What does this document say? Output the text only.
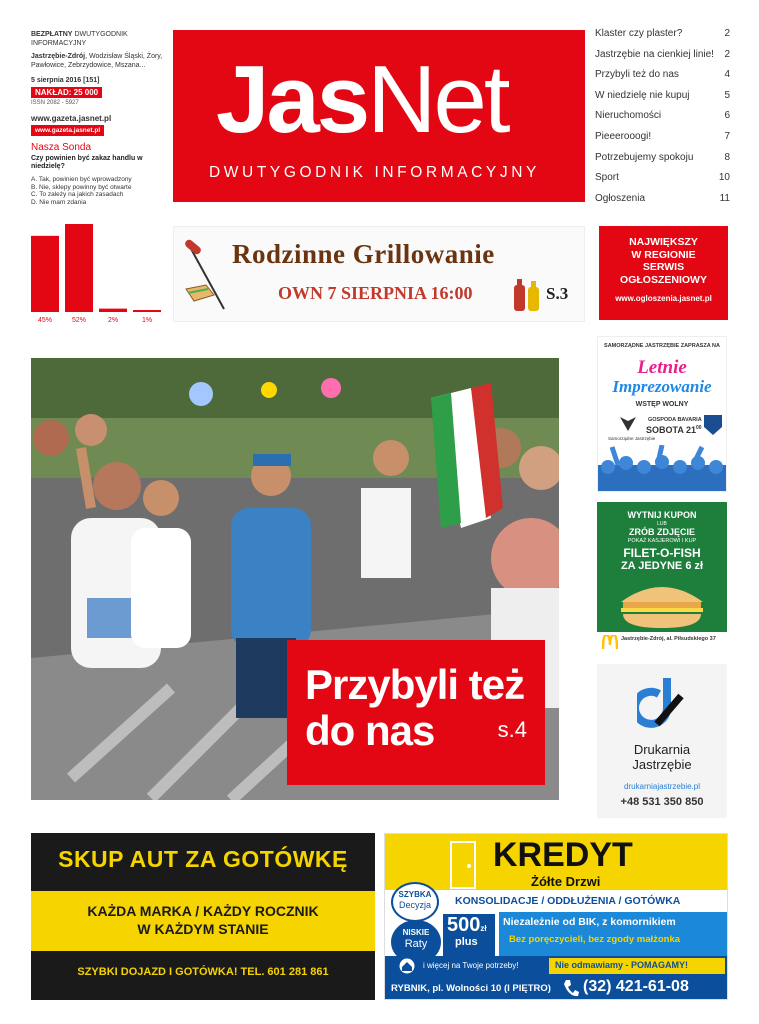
BEZPŁATNY DWUTYGODNIK INFORMACYJNY
Jastrzębie-Zdrój, Wodzisław Śląski, Żory, Pawłowice, Zebrzydowice, Mszana...
5 sierpnia 2016 [151]
NAKŁAD: 25 000
ISSN 2082 - 5927
www.gazeta.jasnet.pl
www.gazeta.jasnet.pl
Nasza Sonda
Czy powinien być zakaz handlu w niedzielę?
A. Tak, powinien być wprowadzony
B. Nie, sklepy powinny być otwarte
C. To zależy na jakich zasadach
D. Nie mam zdania
45%	52%	2%	1%
JasNet
DWUTYGODNIK INFORMACYJNY
Klaster czy plaster?	2
Jastrzębie na cienkiej linie! 2
Przybyli też do nas	4
W niedzielę nie kupuj	5
Nieruchomości	6
Pieeerooogi!	7
Potrzebujemy spokoju	8
Sport	10
Ogłoszenia	11
Rodzinne Grillowanie
OWN 7 SIERPNIA 16:00	S.3
NAJWIĘKSZY
W REGIONIE
SERWIS
OGŁOSZENIOWY
www.ogloszenia.jasnet.pl
Przybyli też
do nas	s.4
SAMORZĄDNE JASTRZĘBIE ZAPRASZA NA
Letnie
Imprezowanie
WSTĘP WOLNY
Samorządne Jastrzębie
GOSPODA BAVARIA
SOBOTA $21^{00}$
WYTNIJ KUPON
LUB
ZRÓB ZDJĘCIE
POKAŻ KASJEROWI I KUP
FILET-O-FISH
ZA JEDYNE 6 zł
Jastrzębie-Zdrój, al. Piłsudskiego 37
Drukarnia
Jastrzębie
drukarniajastrzebie.pl
+48 531 350 850
SKUP AUT ZA GOTÓWKĘ
KAŻDA MARKA / KAŻDY ROCZNIK
W KAŻDYM STANIE
SZYBKI DOJAZD I GOTÓWKA! TEL. 601 281 861
KREDYT
Żółte Drzwi
KONSOLIDACJE / ODDŁUŻENIA / GOTÓWKA
SZYBKA
Decyzja
NISKIE
Raty
500zł
plus
Niezależnie od BIK, z komornikiem
Bez poręczycieli, bez zgody małżonka
i więcej na Twoje potrzeby!	Nie odmawiamy - POMAGAMY!
RYBNIK, pl. Wolności 10 (I PIĘTRO) (32) 421-61-08
